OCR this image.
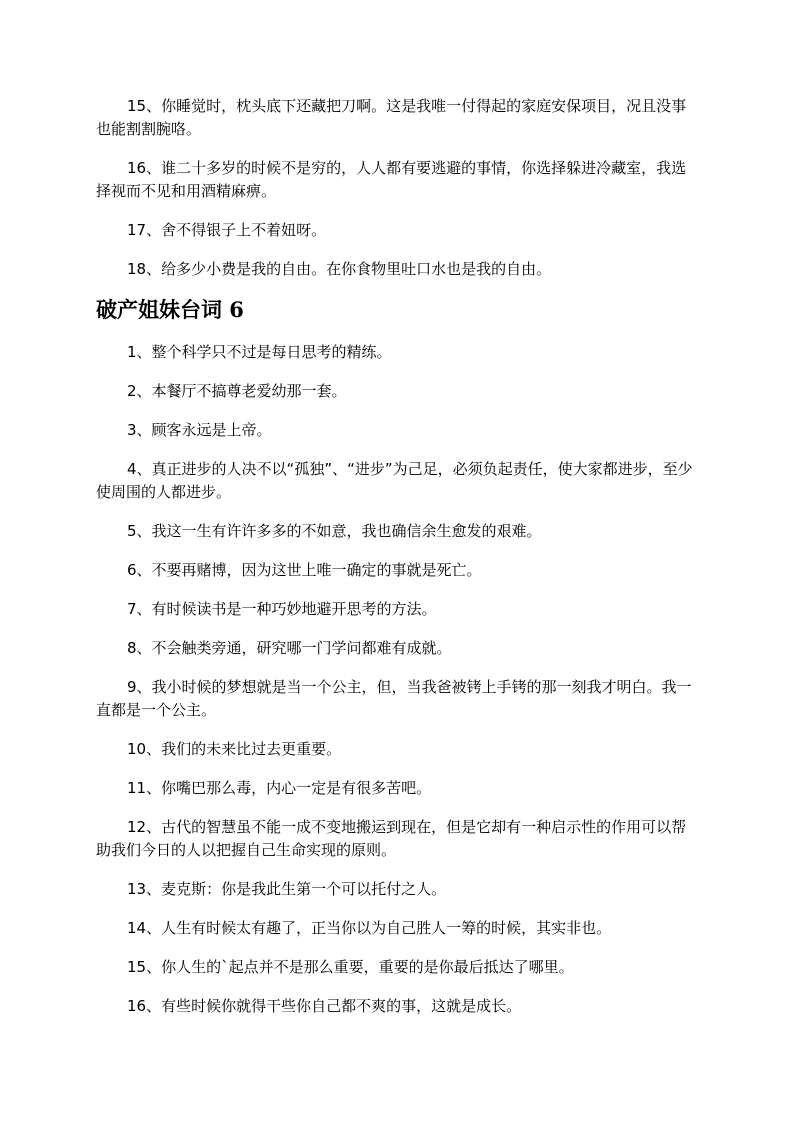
15、你睡觉时，枕头底下还藏把刀啊。这是我唯一付得起的家庭安保项目，况且没事也能割割腕咯。

16、谁二十多岁的时候不是穷的，人人都有要逃避的事情，你选择躲进冷藏室，我选择视而不见和用酒精麻痹。

17、舍不得银子上不着妞呀。

18、给多少小费是我的自由。在你食物里吐口水也是我的自由。

破产姐妹台词 6

1、整个科学只不过是每日思考的精练。

2、本餐厅不搞尊老爱幼那一套。

3、顾客永远是上帝。

4、真正进步的人决不以“孤独”、“进步”为己足，必须负起责任，使大家都进步，至少使周围的人都进步。

5、我这一生有许许多多的不如意，我也确信余生愈发的艰难。

6、不要再赌博，因为这世上唯一确定的事就是死亡。

7、有时候读书是一种巧妙地避开思考的方法。

8、不会触类旁通，研究哪一门学问都难有成就。

9、我小时候的梦想就是当一个公主，但，当我爸被铐上手铐的那一刻我才明白。我一直都是一个公主。

10、我们的未来比过去更重要。

11、你嘴巴那么毒，内心一定是有很多苦吧。

12、古代的智慧虽不能一成不变地搬运到现在，但是它却有一种启示性的作用可以帮助我们今日的人以把握自己生命实现的原则。

13、麦克斯：你是我此生第一个可以托付之人。

14、人生有时候太有趣了，正当你以为自己胜人一筹的时候，其实非也。

15、你人生的`起点并不是那么重要，重要的是你最后抵达了哪里。

16、有些时候你就得干些你自己都不爽的事，这就是成长。
